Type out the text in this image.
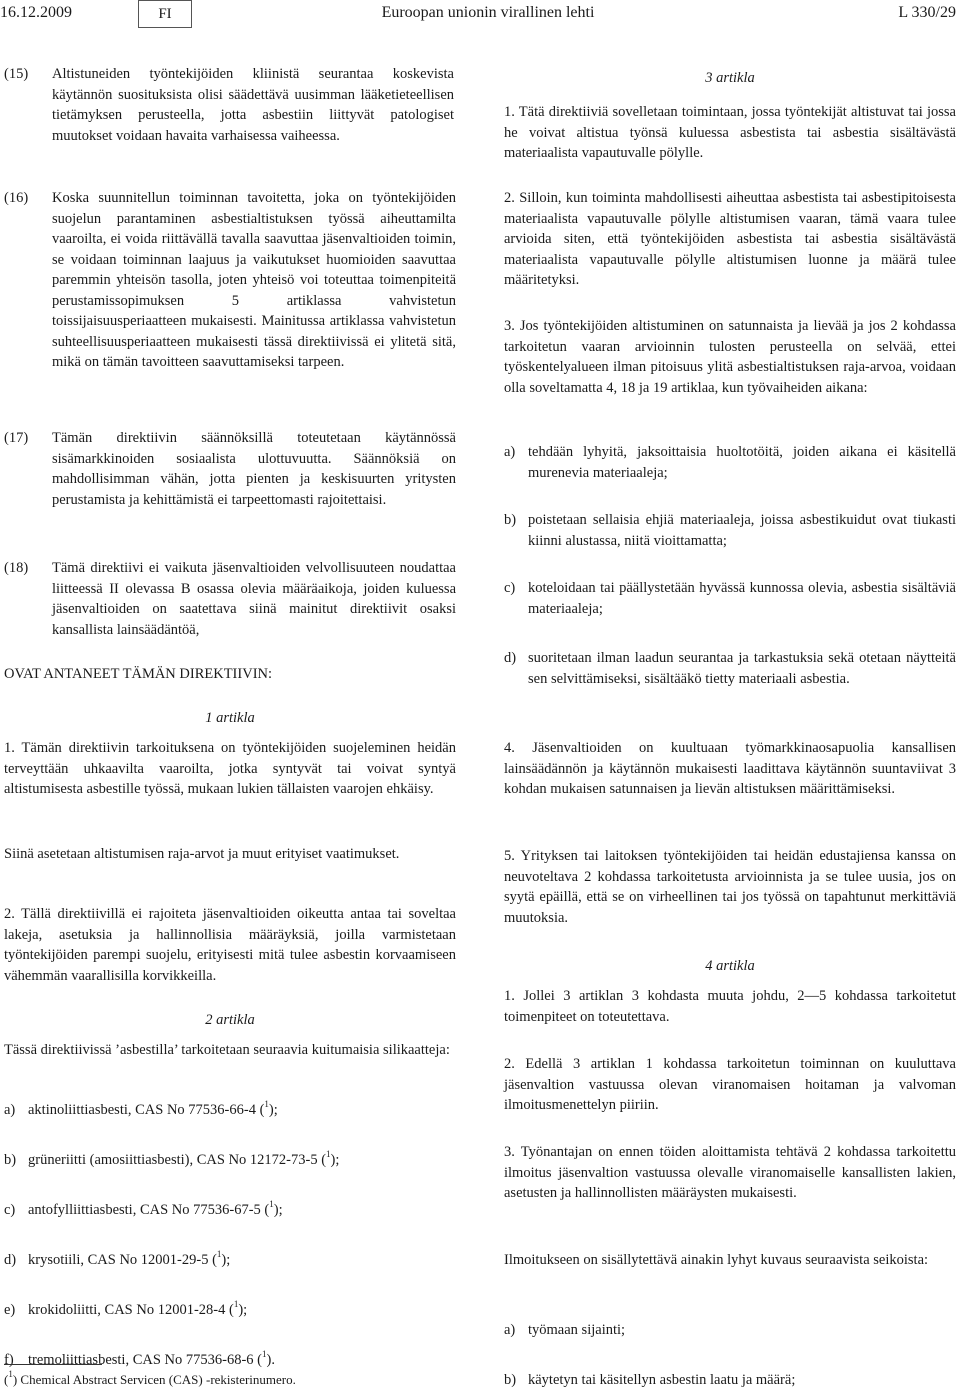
16.12.2009	FI	Euroopan unionin virallinen lehti	L 330/29
(15)	Altistuneiden työntekijöiden kliinistä seurantaa koskevista käytännön suosituksista olisi säädettävä uusimman lääketieteellisen tietämyksen perusteella, jotta asbestiin liittyvät patologiset muutokset voidaan havaita varhaisessa vaiheessa.
(16)	Koska suunnitellun toiminnan tavoitetta, joka on työntekijöiden suojelun parantaminen asbestialtistuksen työssä aiheuttamilta vaaroilta, ei voida riittävällä tavalla saavuttaa jäsenvaltioiden toimin, se voidaan toiminnan laajuus ja vaikutukset huomioiden saavuttaa paremmin yhteisön tasolla, joten yhteisö voi toteuttaa toimenpiteitä perustamissopimuksen 5 artiklassa vahvistetun toissijaisuusperiaatteen mukaisesti. Mainitussa artiklassa vahvistetun suhteellisuusperiaatteen mukaisesti tässä direktiivissä ei ylitetä sitä, mikä on tämän tavoitteen saavuttamiseksi tarpeen.
(17)	Tämän direktiivin säännöksillä toteutetaan käytännössä sisämarkkinoiden sosiaalista ulottuvuutta. Säännöksiä on mahdollisimman vähän, jotta pienten ja keskisuurten yritysten perustamista ja kehittämistä ei tarpeettomasti rajoitettaisi.
(18)	Tämä direktiivi ei vaikuta jäsenvaltioiden velvollisuuteen noudattaa liitteessä II olevassa B osassa olevia määräaikoja, joiden kuluessa jäsenvaltioiden on saatettava siinä mainitut direktiivit osaksi kansallista lainsäädäntöä,
OVAT ANTANEET TÄMÄN DIREKTIIVIN:
1 artikla
1. Tämän direktiivin tarkoituksena on työntekijöiden suojeleminen heidän terveyttään uhkaavilta vaaroilta, jotka syntyvät tai voivat syntyä altistumisesta asbestille työssä, mukaan lukien tällaisten vaarojen ehkäisy.
Siinä asetetaan altistumisen raja-arvot ja muut erityiset vaatimukset.
2. Tällä direktiivillä ei rajoiteta jäsenvaltioiden oikeutta antaa tai soveltaa lakeja, asetuksia ja hallinnollisia määräyksiä, joilla varmistetaan työntekijöiden parempi suojelu, erityisesti mitä tulee asbestin korvaamiseen vähemmän vaarallisilla korvikkeilla.
2 artikla
Tässä direktiivissä ’asbestilla’ tarkoitetaan seuraavia kuitumaisia silikaatteja:
a) aktinoliittiasbesti, CAS No 77536-66-4 ($^1$);
b) grüneriitti (amosiittiasbesti), CAS No 12172-73-5 ($^1$);
c) antofylliittiasbesti, CAS No 77536-67-5 ($^1$);
d) krysotiili, CAS No 12001-29-5 ($^1$);
e) krokidoliitti, CAS No 12001-28-4 ($^1$);
f) tremoliittiasbesti, CAS No 77536-68-6 ($^1$).
($^1$) Chemical Abstract Servicen (CAS) -rekisterinumero.
3 artikla
1. Tätä direktiiviä sovelletaan toimintaan, jossa työntekijät altistuvat tai jossa he voivat altistua työnsä kuluessa asbestista tai asbestia sisältävästä materiaalista vapautuvalle pölylle.
2. Silloin, kun toiminta mahdollisesti aiheuttaa asbestista tai asbestipitoisesta materiaalista vapautuvalle pölylle altistumisen vaaran, tämä vaara tulee arvioida siten, että työntekijöiden asbestista tai asbestia sisältävästä materiaalista vapautuvalle pölylle altistumisen luonne ja määrä tulee määritetyksi.
3. Jos työntekijöiden altistuminen on satunnaista ja lievää ja jos 2 kohdassa tarkoitetun vaaran arvioinnin tulosten perusteella on selvää, ettei työskentelyalueen ilman pitoisuus ylitä asbestialtistuksen raja-arvoa, voidaan olla soveltamatta 4, 18 ja 19 artiklaa, kun työvaiheiden aikana:
a) tehdään lyhyitä, jaksoittaisia huoltotöitä, joiden aikana ei käsitellä murenevia materiaaleja;
b) poistetaan sellaisia ehjiä materiaaleja, joissa asbestikuidut ovat tiukasti kiinni alustassa, niitä vioittamatta;
c) koteloidaan tai päällystetään hyvässä kunnossa olevia, asbestia sisältäviä materiaaleja;
d) suoritetaan ilman laadun seurantaa ja tarkastuksia sekä otetaan näytteitä sen selvittämiseksi, sisältääkö tietty materiaali asbestia.
4. Jäsenvaltioiden on kuultuaan työmarkkinaosapuolia kansallisen lainsäädännön ja käytännön mukaisesti laadittava käytännön suuntaviivat 3 kohdan mukaisen satunnaisen ja lievän altistuksen määrittämiseksi.
5. Yrityksen tai laitoksen työntekijöiden tai heidän edustajiensa kanssa on neuvoteltava 2 kohdassa tarkoitetusta arvioinnista ja se tulee uusia, jos on syytä epäillä, että se on virheellinen tai jos työssä on tapahtunut merkittäviä muutoksia.
4 artikla
1. Jollei 3 artiklan 3 kohdasta muuta johdu, 2—5 kohdassa tarkoitetut toimenpiteet on toteutettava.
2. Edellä 3 artiklan 1 kohdassa tarkoitetun toiminnan on kuuluttava jäsenvaltion vastuussa olevan viranomaisen hoitaman ja valvoman ilmoitusmenettelyn piiriin.
3. Työnantajan on ennen töiden aloittamista tehtävä 2 kohdassa tarkoitettu ilmoitus jäsenvaltion vastuussa olevalle viranomaiselle kansallisten lakien, asetusten ja hallinnollisten määräysten mukaisesti.
Ilmoitukseen on sisällytettävä ainakin lyhyt kuvaus seuraavista seikoista:
a) työmaan sijainti;
b) käytetyn tai käsitellyn asbestin laatu ja määrä;
